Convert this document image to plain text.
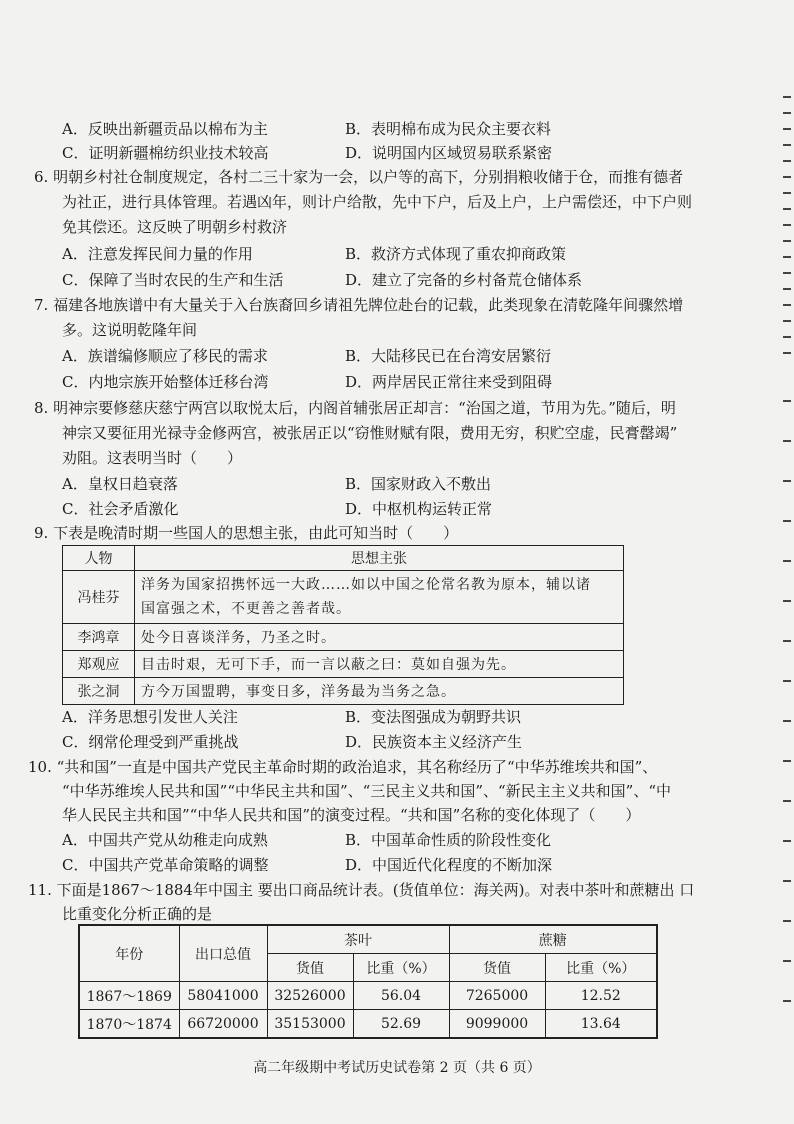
A．反映出新疆贡品以棉布为主	B．表明棉布成为民众主要衣料
C．证明新疆棉纺织业技术较高	D．说明国内区域贸易联系紧密
6. 明朝乡村社仓制度规定，各村二三十家为一会，以户等的高下，分别捐粮收储于仓，而推有德者
为社正，进行具体管理。若遇凶年，则计户给散，先中下户，后及上户，上户需偿还，中下户则
免其偿还。这反映了明朝乡村救济
A．注意发挥民间力量的作用	B．救济方式体现了重农抑商政策
C．保障了当时农民的生产和生活	D．建立了完备的乡村备荒仓储体系
7. 福建各地族谱中有大量关于入台族裔回乡请祖先牌位赴台的记载，此类现象在清乾隆年间骤然增
多。这说明乾隆年间
A．族谱编修顺应了移民的需求	B．大陆移民已在台湾安居繁衍
C．内地宗族开始整体迁移台湾	D．两岸居民正常往来受到阻碍
8. 明神宗要修慈庆慈宁两宫以取悦太后，内阁首辅张居正却言：“治国之道，节用为先。”随后，明
神宗又要征用光禄寺金修两宫，被张居正以“窃惟财赋有限，费用无穷，积贮空虚，民膏罄竭”
劝阻。这表明当时（　　）
A．皇权日趋衰落	B．国家财政入不敷出
C．社会矛盾激化	D．中枢机构运转正常
9. 下表是晚清时期一些国人的思想主张，由此可知当时（　　）
人物	思想主张
冯桂芬	洋务为国家招携怀远一大政……如以中国之伦常名教为原本，辅以诸
国富强之术，不更善之善者哉。

李鸿章	处今日喜谈洋务，乃圣之时。
郑观应	目击时艰，无可下手，而一言以蔽之曰：莫如自强为先。
张之洞	方今万国盟聘，事变日多，洋务最为当务之急。
A．洋务思想引发世人关注	B．变法图强成为朝野共识
C．纲常伦理受到严重挑战	D．民族资本主义经济产生
10. “共和国”一直是中国共产党民主革命时期的政治追求，其名称经历了“中华苏维埃共和国”、
“中华苏维埃人民共和国”“中华民主共和国”、“三民主义共和国”、“新民主主义共和国”、“中
华人民民主共和国”“中华人民共和国”的演变过程。“共和国”名称的变化体现了（　　）
A．中国共产党从幼稚走向成熟	B．中国革命性质的阶段性变化
C．中国共产党革命策略的调整	D．中国近代化程度的不断加深
11. 下面是1867～1884年中国主 要出口商品统计表。(货值单位：海关两)。对表中茶叶和蔗糖出 口
比重变化分析正确的是
年份	出口总值	茶叶		蔗糖	
		货值	比重（%）	货值	比重（%）
1867～1869	58041000	32526000	56.04	7265000	12.52
1870～1874	66720000	35153000	52.69	9099000	13.64
高二年级期中考试历史试卷第 2 页（共 6 页）
